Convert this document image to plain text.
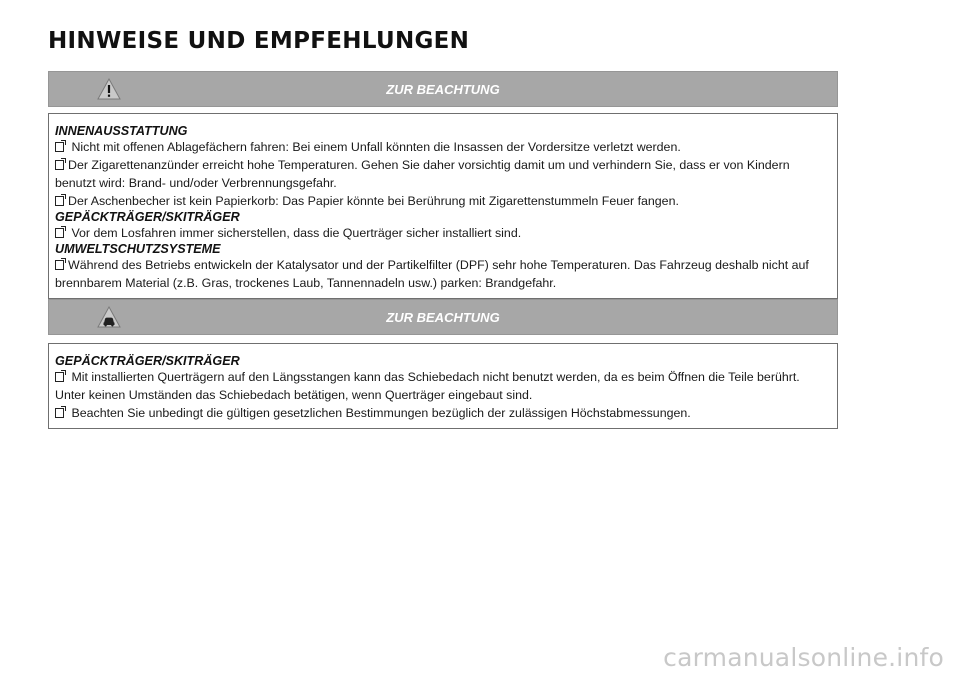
HINWEISE UND EMPFEHLUNGEN
ZUR BEACHTUNG

INNENAUSSTATTUNG

Nicht mit offenen Ablagefächern fahren: Bei einem Unfall könnten die Insassen der Vordersitze verletzt werden.

Der Zigarettenanzünder erreicht hohe Temperaturen. Gehen Sie daher vorsichtig damit um und verhindern Sie, dass er von Kindern benutzt wird: Brand- und/oder Verbrennungsgefahr.

Der Aschenbecher ist kein Papierkorb: Das Papier könnte bei Berührung mit Zigarettenstummeln Feuer fangen.

GEPÄCKTRÄGER/SKITRÄGER

Vor dem Losfahren immer sicherstellen, dass die Querträger sicher installiert sind.

UMWELTSCHUTZSYSTEME

Während des Betriebs entwickeln der Katalysator und der Partikelfilter (DPF) sehr hohe Temperaturen. Das Fahrzeug deshalb nicht auf brennbarem Material (z.B. Gras, trockenes Laub, Tannennadeln usw.) parken: Brandgefahr.

ZUR BEACHTUNG

GEPÄCKTRÄGER/SKITRÄGER

Mit installierten Querträgern auf den Längsstangen kann das Schiebedach nicht benutzt werden, da es beim Öffnen die Teile berührt. Unter keinen Umständen das Schiebedach betätigen, wenn Querträger eingebaut sind.

Beachten Sie unbedingt die gültigen gesetzlichen Bestimmungen bezüglich der zulässigen Höchstabmessungen.

carmanualsonline.info
